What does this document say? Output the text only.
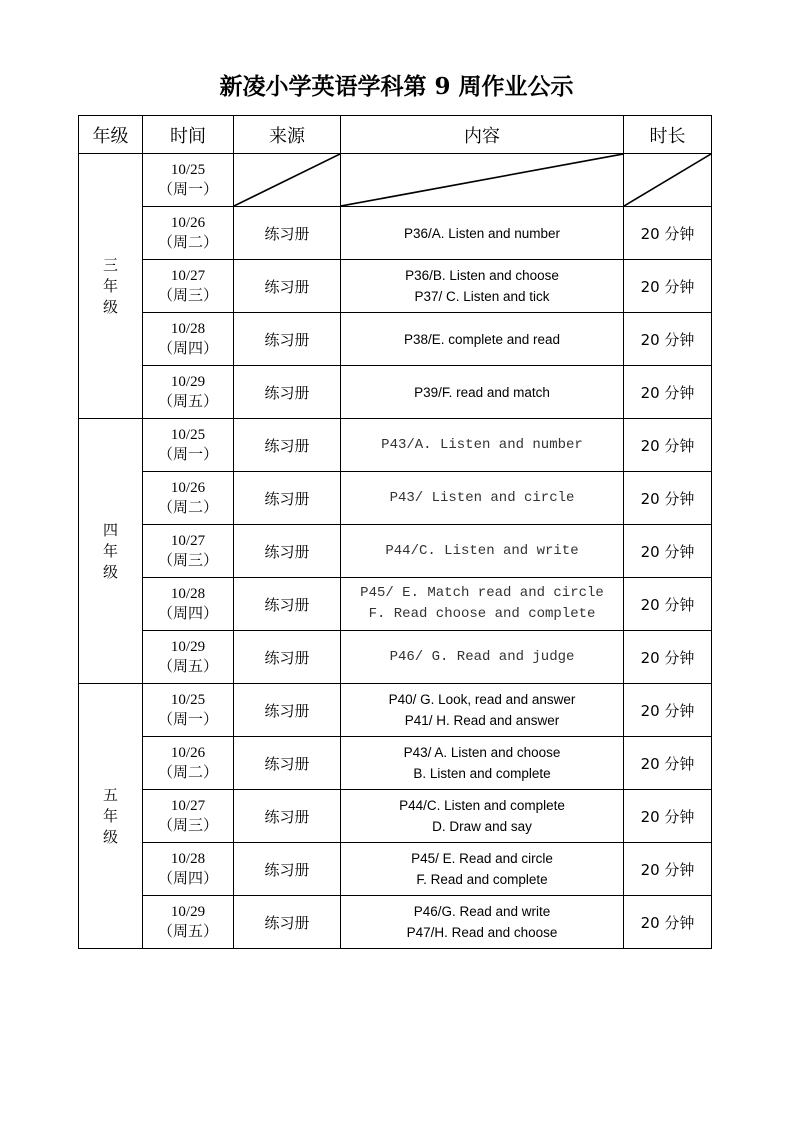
新凌小学英语学科第 9 周作业公示
年级	时间	来源	内容	时长

三
年
级	10/25
（周一）

	10/26
（周二）	练习册	P36/A. Listen and number	20 分钟

	10/27
（周三）	练习册	P36/B. Listen and choose
P37/ C. Listen and tick	20 分钟

	10/28
（周四）	练习册	P38/E. complete and read	20 分钟

	10/29
（周五）	练习册	P39/F. read and match	20 分钟

四
年
级	10/25
（周一）	练习册	P43/A. Listen and number	20 分钟

	10/26
（周二）	练习册	P43/ Listen and circle	20 分钟

	10/27
（周三）	练习册	P44/C. Listen and write	20 分钟

	10/28
（周四）	练习册	P45/ E. Match read and circle
F. Read choose and complete	20 分钟

	10/29
（周五）	练习册	P46/ G. Read and judge	20 分钟

五
年
级	10/25
（周一）	练习册	P40/ G. Look, read and answer
P41/ H. Read and answer	20 分钟

	10/26
（周二）	练习册	P43/ A. Listen and choose
B. Listen and complete	20 分钟

	10/27
（周三）	练习册	P44/C. Listen and complete
D. Draw and say	20 分钟

	10/28
（周四）	练习册	P45/ E. Read and circle
F. Read and complete	20 分钟

	10/29
（周五）	练习册	P46/G. Read and write
P47/H. Read and choose	20 分钟
